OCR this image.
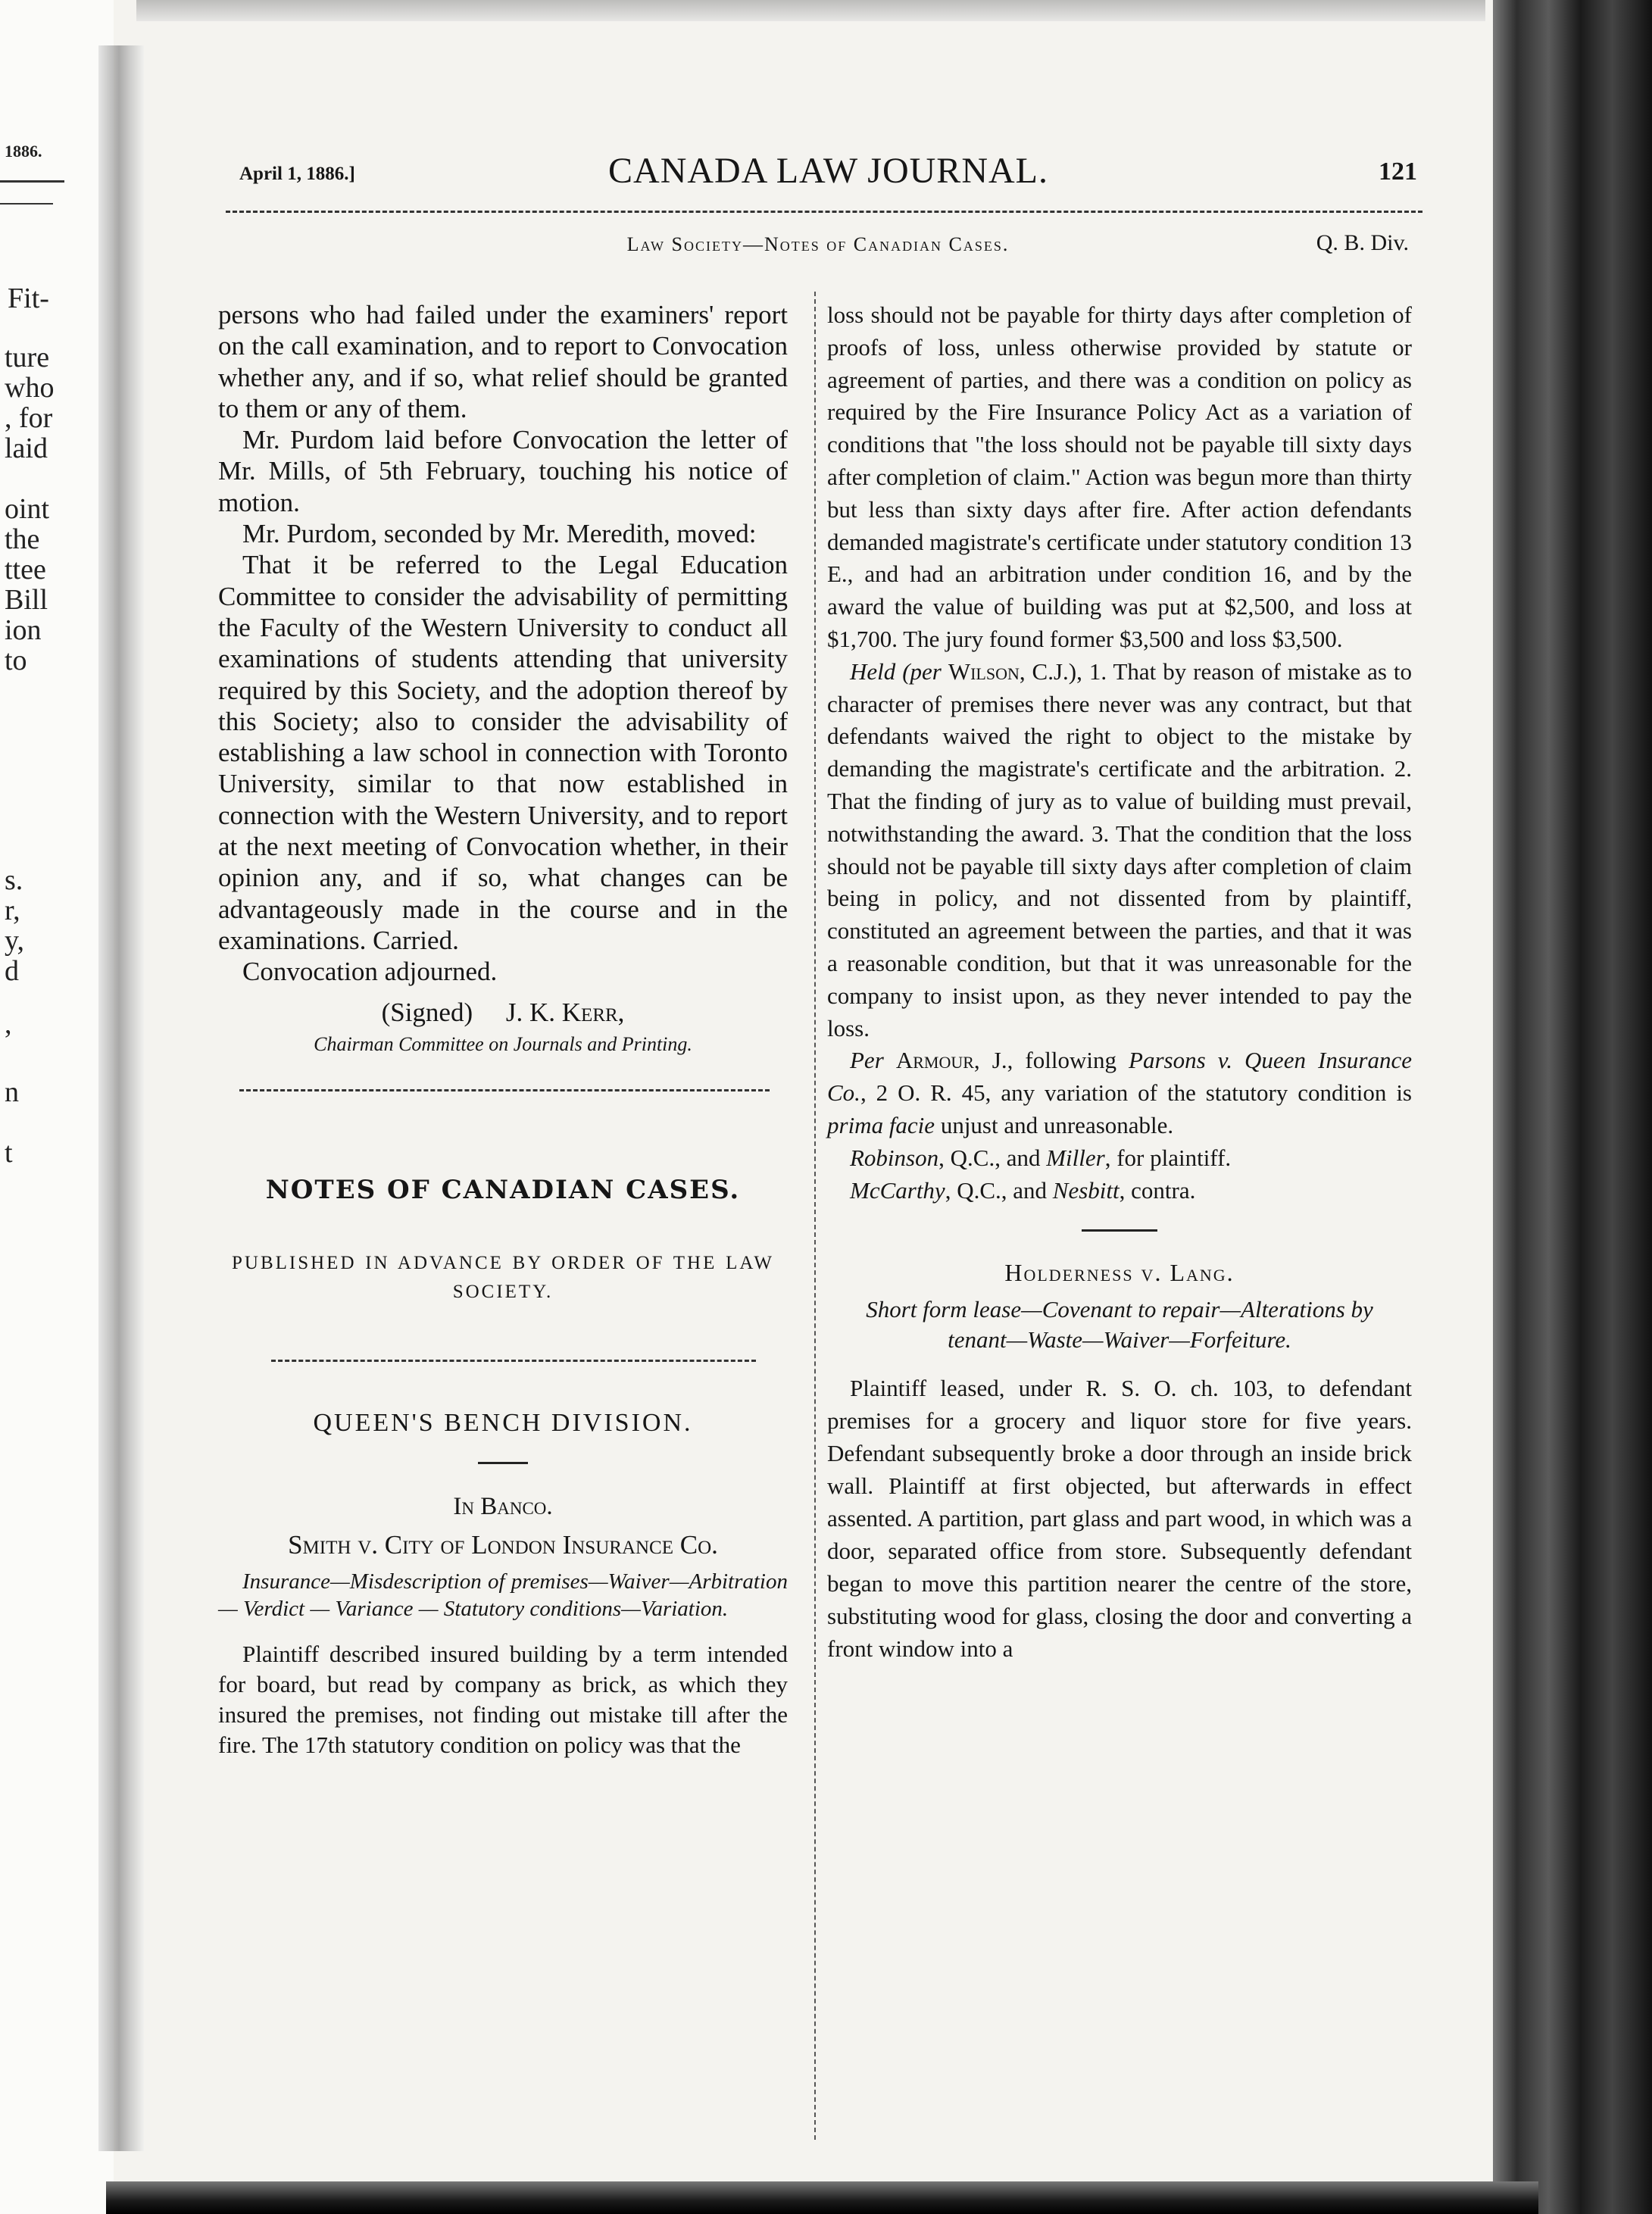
1886.
Fit-
ture
who
, for
laid
oint
the
ttee
Bill
ion
to
s.
r,
y,
d
,
n
t
April 1, 1886.]	CANADA LAW JOURNAL.	121
Law Society—Notes of Canadian Cases.	Q. B. Div.

persons who had failed under the examiners' report on the call examination, and to report to Convocation whether any, and if so, what relief should be granted to them or any of them.

Mr. Purdom laid before Convocation the letter of Mr. Mills, of 5th February, touching his notice of motion.

Mr. Purdom, seconded by Mr. Meredith, moved:

That it be referred to the Legal Education Committee to consider the advisability of permitting the Faculty of the Western University to conduct all examinations of students attending that university required by this Society, and the adoption thereof by this Society; also to consider the advisability of establishing a law school in connection with Toronto University, similar to that now established in connection with the Western University, and to report at the next meeting of Convocation whether, in their opinion any, and if so, what changes can be advantageously made in the course and in the examinations. Carried.

Convocation adjourned.

(Signed) J. K. Kerr,
Chairman Committee on Journals and Printing.
NOTES OF CANADIAN CASES.
PUBLISHED IN ADVANCE BY ORDER OF THE LAW SOCIETY.
QUEEN'S BENCH DIVISION.
In Banco.
Smith v. City of London Insurance Co.
Insurance—Misdescription of premises—Waiver—Arbitration — Verdict — Variance — Statutory conditions—Variation.

Plaintiff described insured building by a term intended for board, but read by company as brick, as which they insured the premises, not finding out mistake till after the fire. The 17th statutory condition on policy was that the

loss should not be payable for thirty days after completion of proofs of loss, unless otherwise provided by statute or agreement of parties, and there was a condition on policy as required by the Fire Insurance Policy Act as a variation of conditions that "the loss should not be payable till sixty days after completion of claim." Action was begun more than thirty but less than sixty days after fire. After action defendants demanded magistrate's certificate under statutory condition 13 E., and had an arbitration under condition 16, and by the award the value of building was put at $2,500, and loss at $1,700. The jury found former $3,500 and loss $3,500.

Held (per Wilson, C.J.), 1. That by reason of mistake as to character of premises there never was any contract, but that defendants waived the right to object to the mistake by demanding the magistrate's certificate and the arbitration. 2. That the finding of jury as to value of building must prevail, notwithstanding the award. 3. That the condition that the loss should not be payable till sixty days after completion of claim being in policy, and not dissented from by plaintiff, constituted an agreement between the parties, and that it was a reasonable condition, but that it was unreasonable for the company to insist upon, as they never intended to pay the loss.

Per Armour, J., following Parsons v. Queen Insurance Co., 2 O. R. 45, any variation of the statutory condition is prima facie unjust and unreasonable.

Robinson, Q.C., and Miller, for plaintiff.

McCarthy, Q.C., and Nesbitt, contra.

Holderness v. Lang.
Short form lease—Covenant to repair—Alterations by tenant—Waste—Waiver—Forfeiture.

Plaintiff leased, under R. S. O. ch. 103, to defendant premises for a grocery and liquor store for five years. Defendant subsequently broke a door through an inside brick wall. Plaintiff at first objected, but afterwards in effect assented. A partition, part glass and part wood, in which was a door, separated office from store. Subsequently defendant began to move this partition nearer the centre of the store, substituting wood for glass, closing the door and converting a front window into a
